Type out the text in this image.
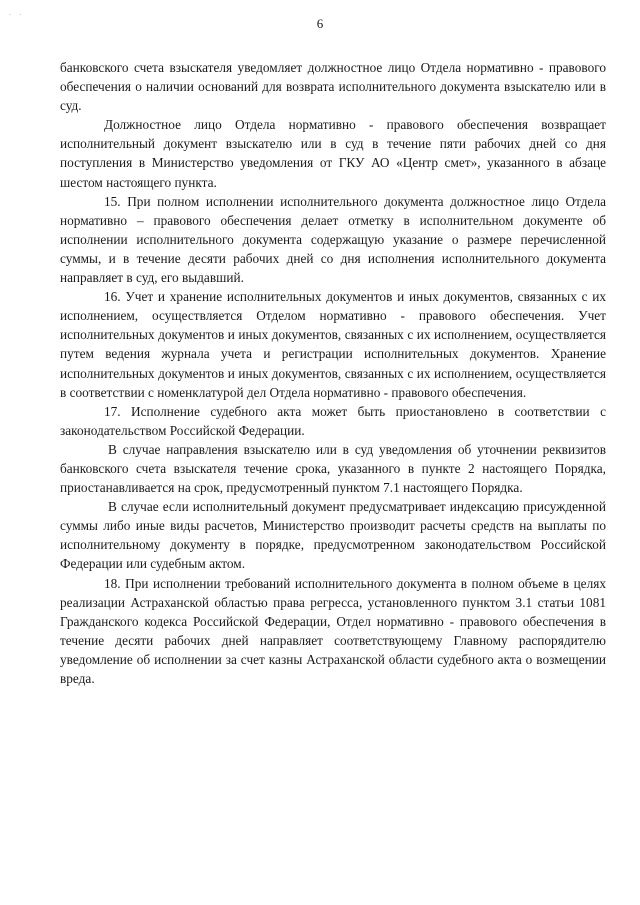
· ·
6

банковского счета взыскателя уведомляет должностное лицо Отдела нормативно - правового обеспечения о наличии оснований для возврата исполнительного документа взыскателю или в суд.

Должностное лицо Отдела нормативно - правового обеспечения возвращает исполнительный документ взыскателю или в суд в течение пяти рабочих дней со дня поступления в Министерство уведомления от ГКУ АО «Центр смет», указанного в абзаце шестом настоящего пункта.

15. При полном исполнении исполнительного документа должностное лицо Отдела нормативно – правового обеспечения делает отметку в исполнительном документе об исполнении исполнительного документа содержащую указание о размере перечисленной суммы, и в течение десяти рабочих дней со дня исполнения исполнительного документа направляет в суд, его выдавший.

16. Учет и хранение исполнительных документов и иных документов, связанных с их исполнением, осуществляется Отделом нормативно - правового обеспечения. Учет исполнительных документов и иных документов, связанных с их исполнением, осуществляется путем ведения журнала учета и регистрации исполнительных документов. Хранение исполнительных документов и иных документов, связанных с их исполнением, осуществляется в соответствии с номенклатурой дел Отдела нормативно - правового обеспечения.

17. Исполнение судебного акта может быть приостановлено в соответствии с законодательством Российской Федерации.

В случае направления взыскателю или в суд уведомления об уточнении реквизитов банковского счета взыскателя течение срока, указанного в пункте 2 настоящего Порядка, приостанавливается на срок, предусмотренный пунктом 7.1 настоящего Порядка.

В случае если исполнительный документ предусматривает индексацию присужденной суммы либо иные виды расчетов, Министерство производит расчеты средств на выплаты по исполнительному документу в порядке, предусмотренном законодательством Российской Федерации или судебным актом.

18. При исполнении требований исполнительного документа в полном объеме в целях реализации Астраханской областью права регресса, установленного пунктом 3.1 статьи 1081 Гражданского кодекса Российской Федерации, Отдел нормативно - правового обеспечения в течение десяти рабочих дней направляет соответствующему Главному распорядителю уведомление об исполнении за счет казны Астраханской области судебного акта о возмещении вреда.
